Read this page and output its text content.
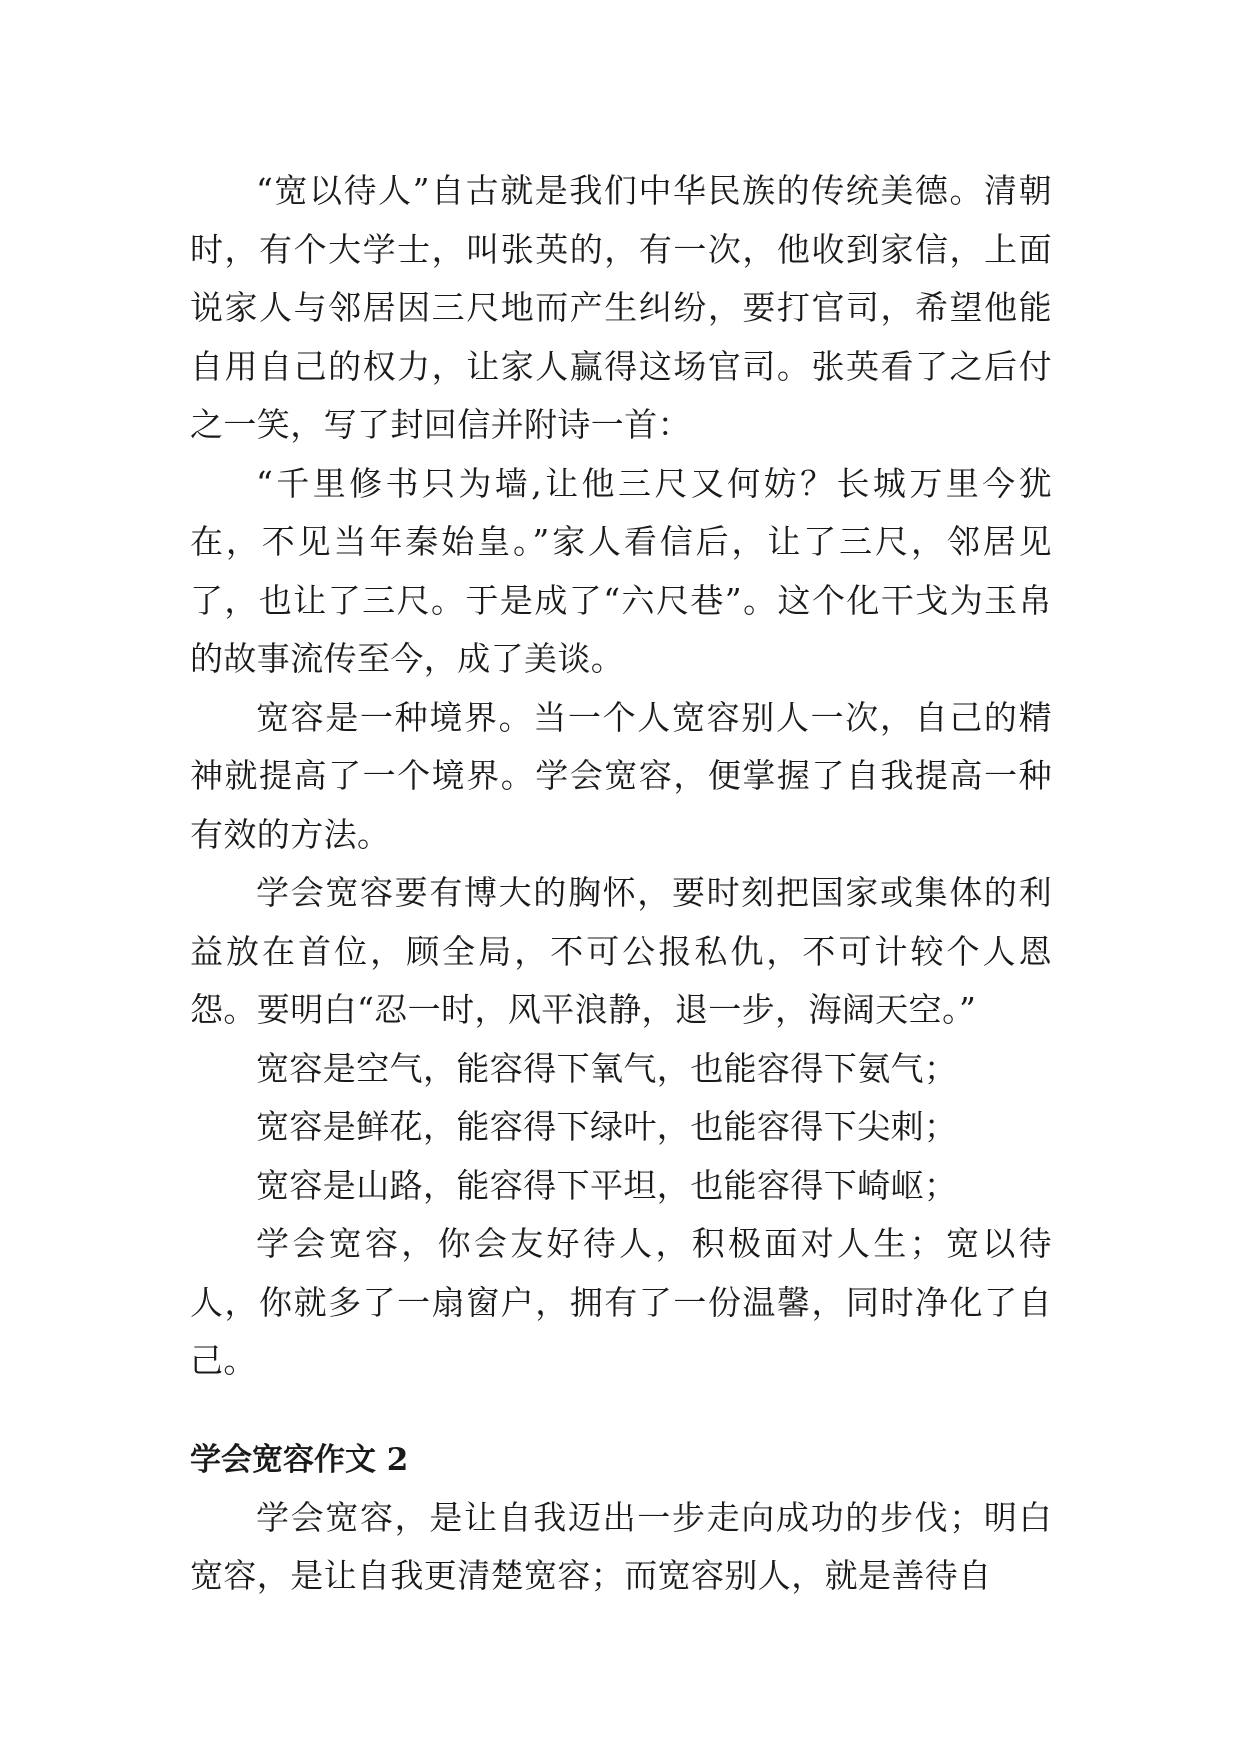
“宽以待人”自古就是我们中华民族的传统美德。清朝时，有个大学士，叫张英的，有一次，他收到家信，上面说家人与邻居因三尺地而产生纠纷，要打官司，希望他能自用自己的权力，让家人赢得这场官司。张英看了之后付之一笑，写了封回信并附诗一首：

“千里修书只为墙,让他三尺又何妨？长城万里今犹在，不见当年秦始皇。”家人看信后，让了三尺，邻居见了，也让了三尺。于是成了“六尺巷”。这个化干戈为玉帛的故事流传至今，成了美谈。

宽容是一种境界。当一个人宽容别人一次，自己的精神就提高了一个境界。学会宽容，便掌握了自我提高一种有效的方法。

学会宽容要有博大的胸怀，要时刻把国家或集体的利益放在首位，顾全局，不可公报私仇，不可计较个人恩怨。要明白“忍一时，风平浪静，退一步，海阔天空。”

宽容是空气，能容得下氧气，也能容得下氨气；

宽容是鲜花，能容得下绿叶，也能容得下尖刺；

宽容是山路，能容得下平坦，也能容得下崎岖；

学会宽容，你会友好待人，积极面对人生；宽以待人，你就多了一扇窗户，拥有了一份温馨，同时净化了自己。

学会宽容作文 2

学会宽容，是让自我迈出一步走向成功的步伐；明白宽容，是让自我更清楚宽容；而宽容别人，就是善待自
